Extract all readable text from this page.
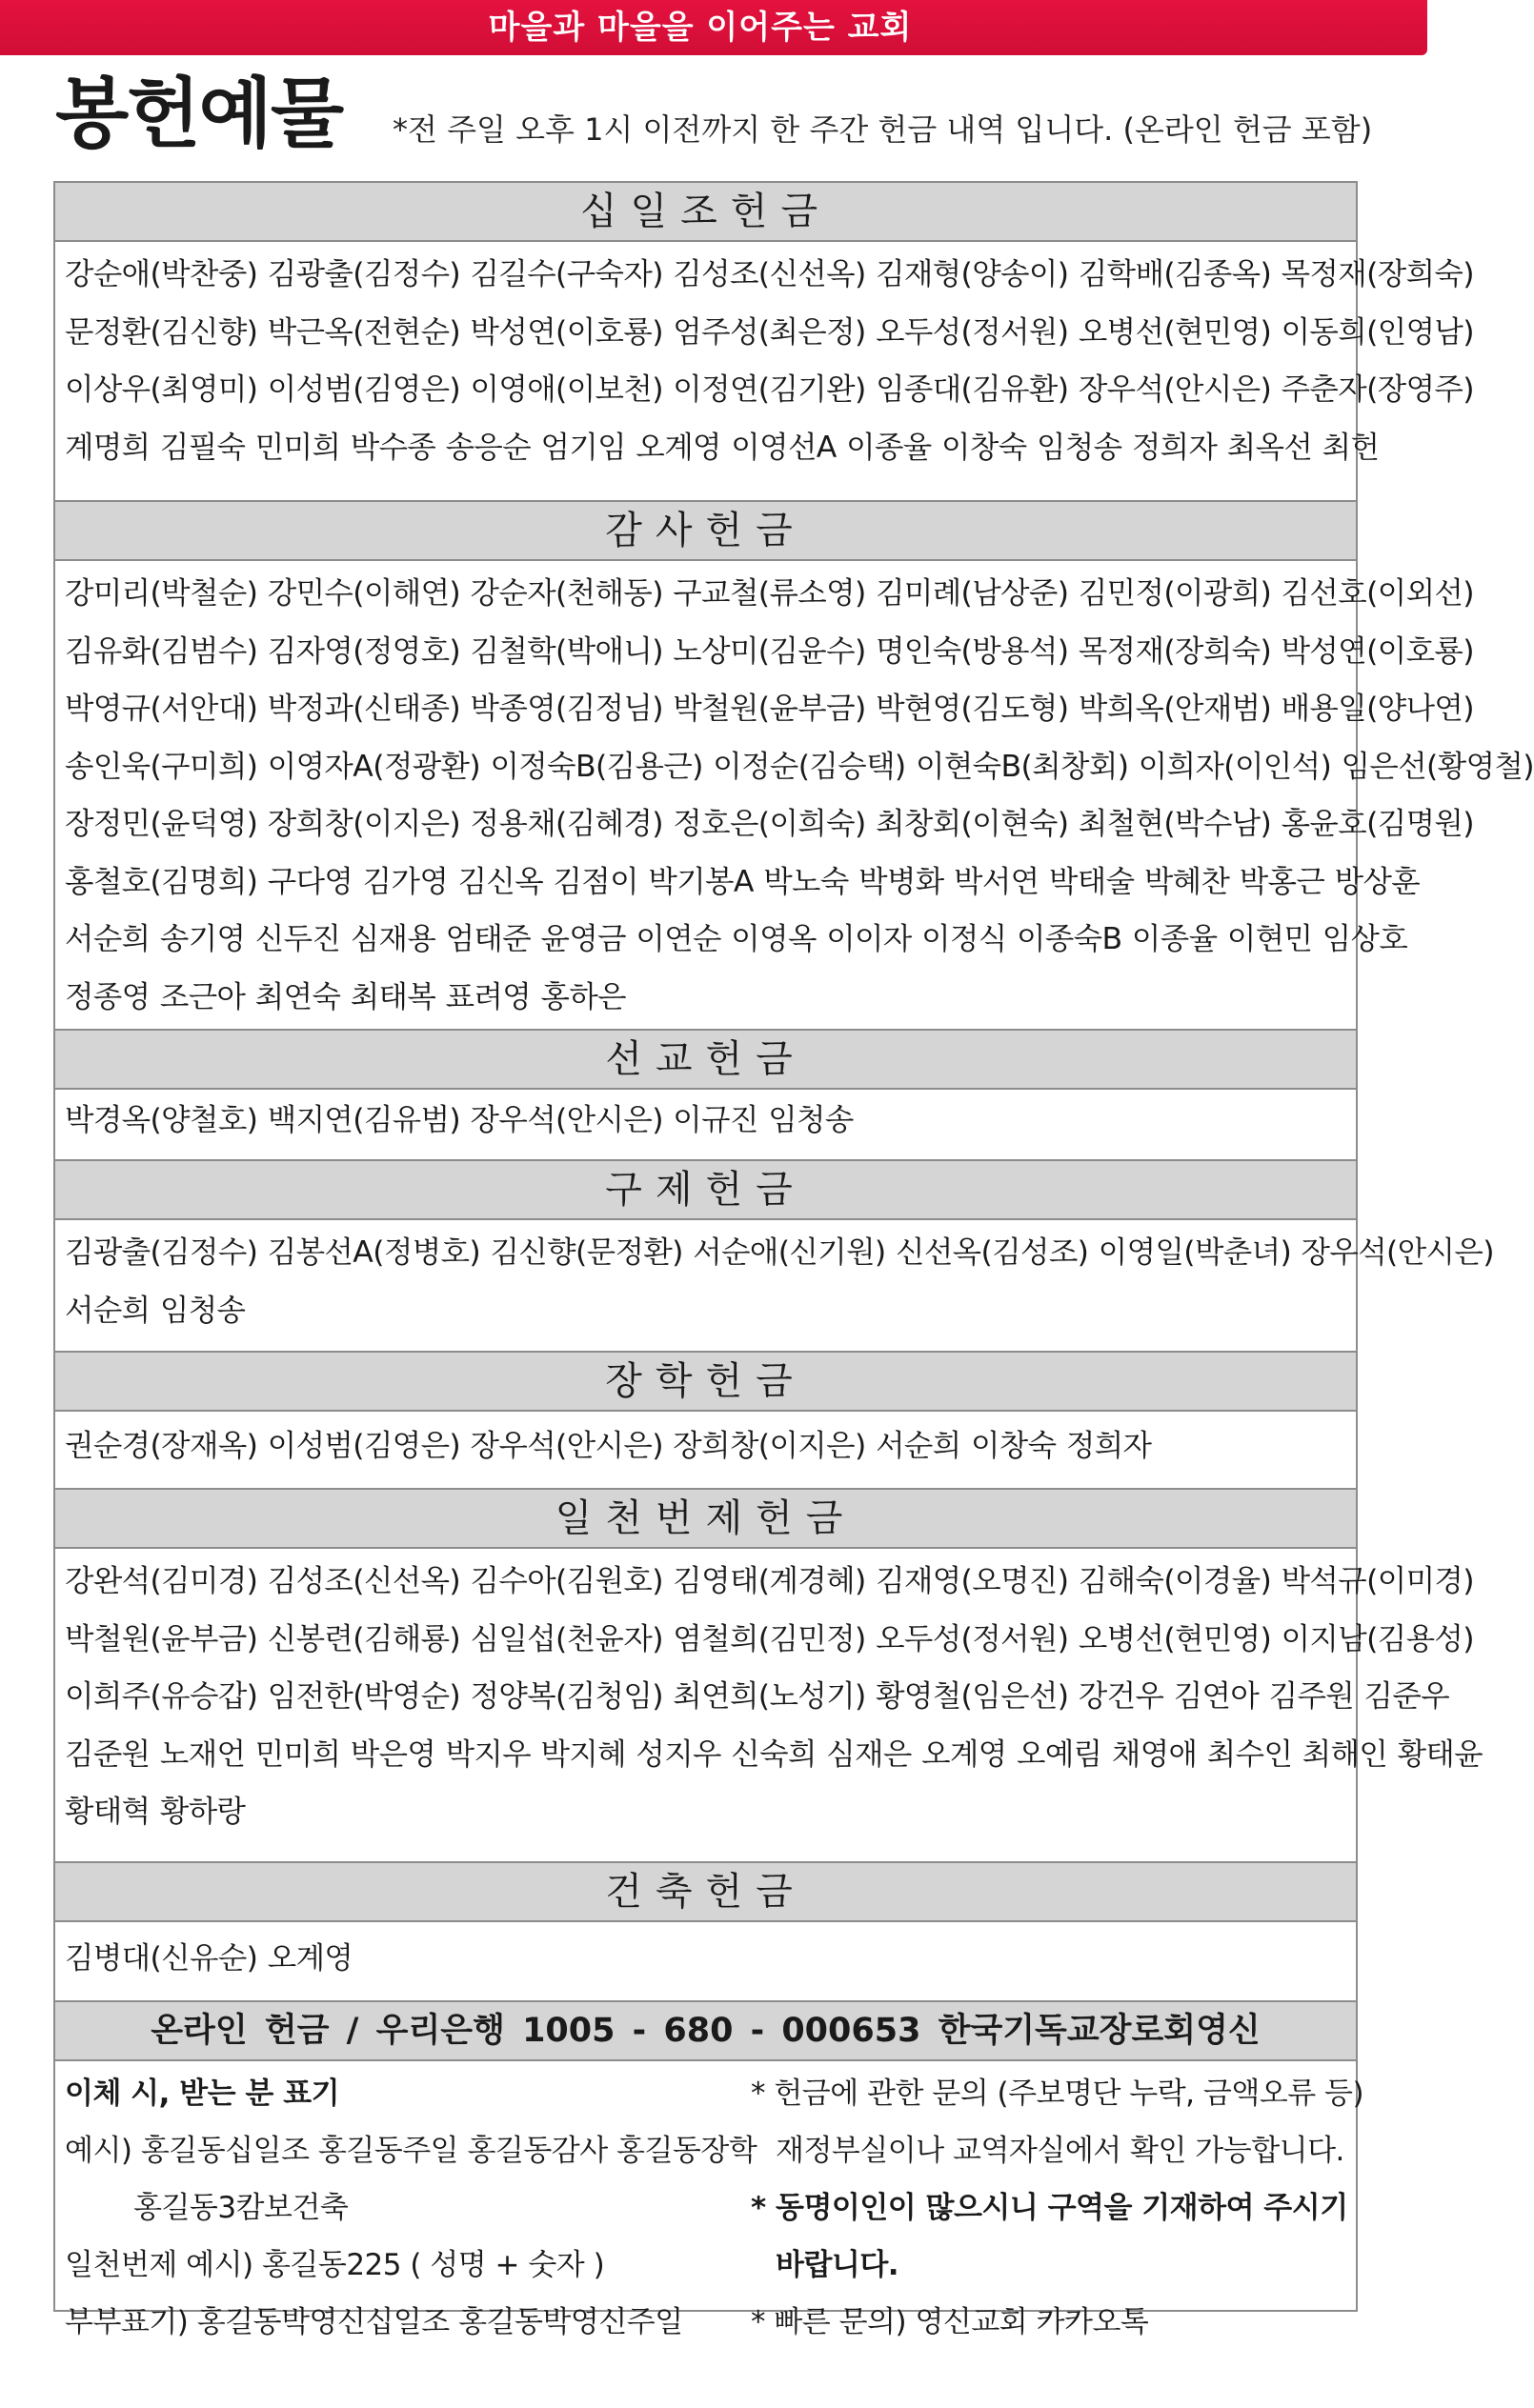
마을과 마을을 이어주는 교회
봉헌예물 *전 주일 오후 1시 이전까지 한 주간 헌금 내역 입니다. (온라인 헌금 포함)
십일조헌금
강순애(박찬중) 김광출(김정수) 김길수(구숙자) 김성조(신선옥) 김재형(양송이) 김학배(김종옥) 목정재(장희숙)
문정환(김신향) 박근옥(전현순) 박성연(이호룡) 엄주성(최은정) 오두성(정서원) 오병선(현민영) 이동희(인영남)
이상우(최영미) 이성범(김영은) 이영애(이보천) 이정연(김기완) 임종대(김유환) 장우석(안시은) 주춘자(장영주)
계명희 김필숙 민미희 박수종 송응순 엄기임 오계영 이영선A 이종율 이창숙 임청송 정희자 최옥선 최헌
감사헌금
강미리(박철순) 강민수(이해연) 강순자(천해동) 구교철(류소영) 김미례(남상준) 김민정(이광희) 김선호(이외선)
김유화(김범수) 김자영(정영호) 김철학(박애니) 노상미(김윤수) 명인숙(방용석) 목정재(장희숙) 박성연(이호룡)
박영규(서안대) 박정과(신태종) 박종영(김정님) 박철원(윤부금) 박현영(김도형) 박희옥(안재범) 배용일(양나연)
송인욱(구미희) 이영자A(정광환) 이정숙B(김용근) 이정순(김승택) 이현숙B(최창회) 이희자(이인석) 임은선(황영철)
장정민(윤덕영) 장희창(이지은) 정용채(김혜경) 정호은(이희숙) 최창회(이현숙) 최철현(박수남) 홍윤호(김명원)
홍철호(김명희) 구다영 김가영 김신옥 김점이 박기봉A 박노숙 박병화 박서연 박태술 박혜찬 박홍근 방상훈
서순희 송기영 신두진 심재용 엄태준 윤영금 이연순 이영옥 이이자 이정식 이종숙B 이종율 이현민 임상호
정종영 조근아 최연숙 최태복 표려영 홍하은
선교헌금
박경옥(양철호) 백지연(김유범) 장우석(안시은) 이규진 임청송
구제헌금
김광출(김정수) 김봉선A(정병호) 김신향(문정환) 서순애(신기원) 신선옥(김성조) 이영일(박춘녀) 장우석(안시은)
서순희 임청송
장학헌금
권순경(장재옥) 이성범(김영은) 장우석(안시은) 장희창(이지은) 서순희 이창숙 정희자
일천번제헌금
강완석(김미경) 김성조(신선옥) 김수아(김원호) 김영태(계경혜) 김재영(오명진) 김해숙(이경율) 박석규(이미경)
박철원(윤부금) 신봉련(김해룡) 심일섭(천윤자) 염철희(김민정) 오두성(정서원) 오병선(현민영) 이지남(김용성)
이희주(유승갑) 임전한(박영순) 정양복(김청임) 최연희(노성기) 황영철(임은선) 강건우 김연아 김주원 김준우
김준원 노재언 민미희 박은영 박지우 박지혜 성지우 신숙희 심재은 오계영 오예림 채영애 최수인 최해인 황태윤
황태혁 황하랑
건축헌금
김병대(신유순) 오계영
온라인 헌금 / 우리은행 1005 - 680 - 000653 한국기독교장로회영신
이체 시, 받는 분 표기
예시) 홍길동십일조 홍길동주일 홍길동감사 홍길동장학
홍길동3캄보건축
일천번제 예시) 홍길동225 ( 성명 + 숫자 )
부부표기) 홍길동박영신십일조 홍길동박영신주일
* 헌금에 관한 문의 (주보명단 누락, 금액오류 등)
재정부실이나 교역자실에서 확인 가능합니다.
* 동명이인이 많으시니 구역을 기재하여 주시기
바랍니다.
* 빠른 문의) 영신교회 카카오톡
